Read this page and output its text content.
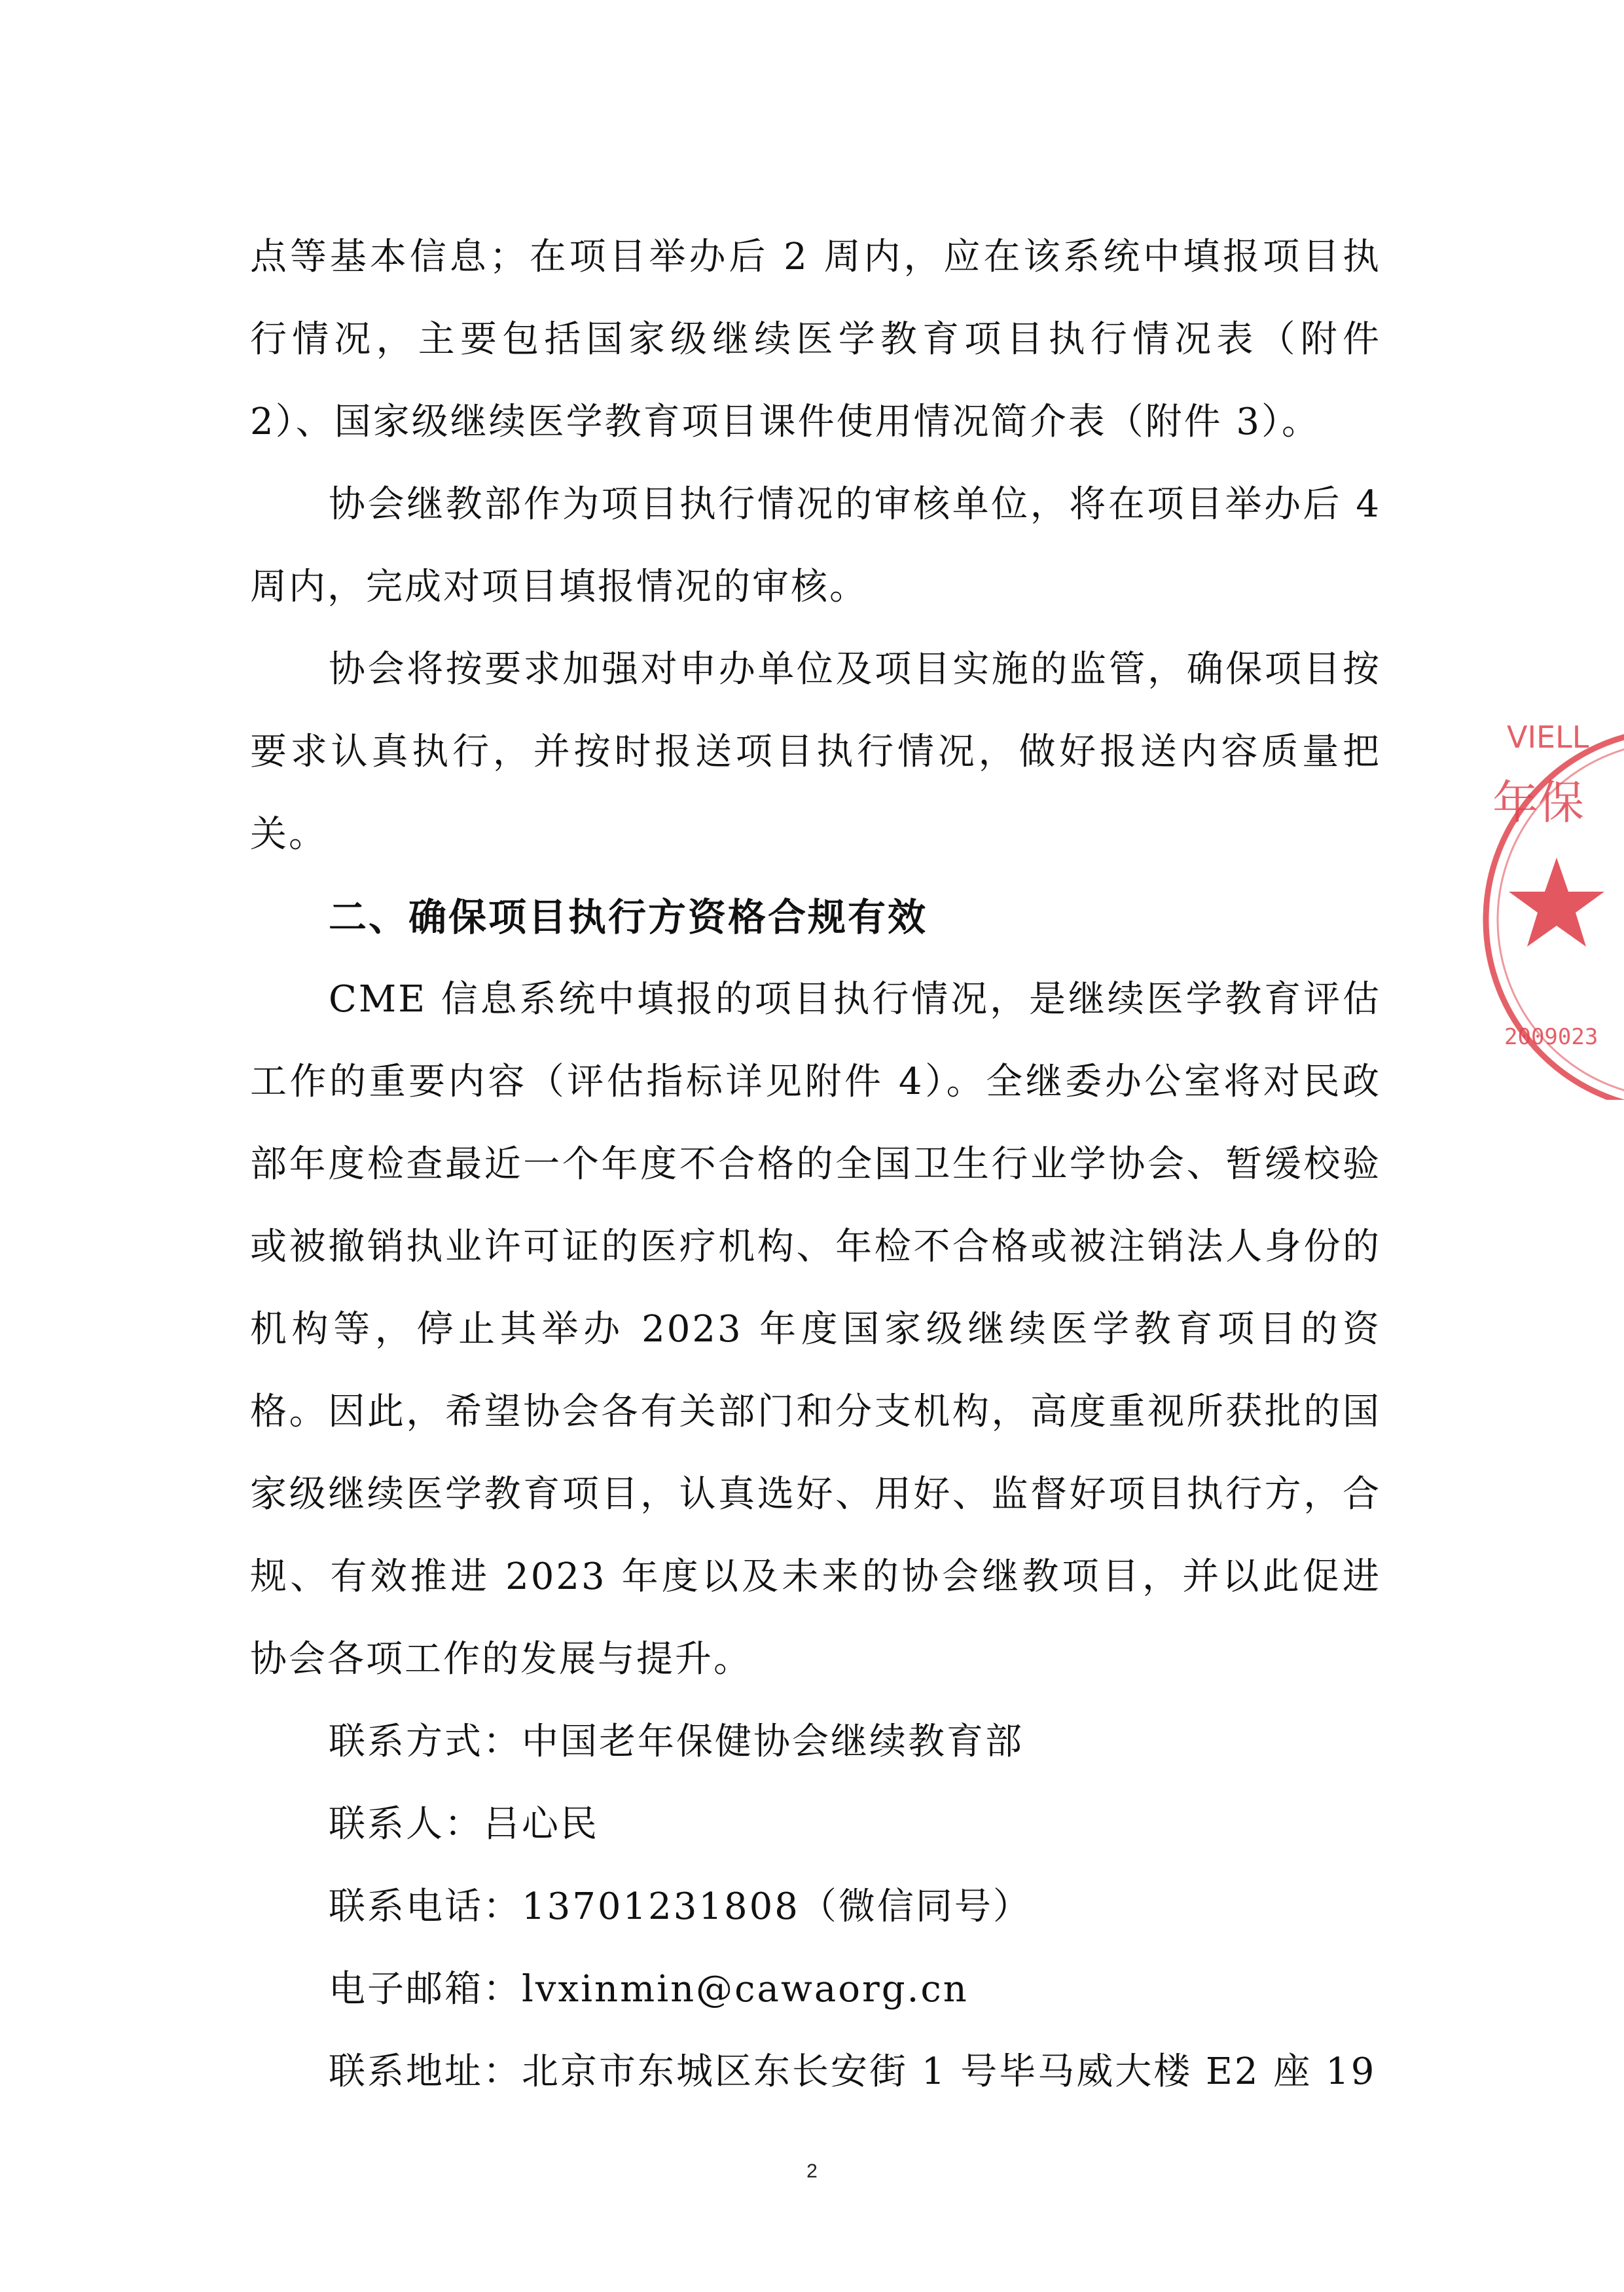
点等基本信息；在项目举办后 2 周内，应在该系统中填报项目执行情况，主要包括国家级继续医学教育项目执行情况表（附件 2）、国家级继续医学教育项目课件使用情况简介表（附件 3）。

协会继教部作为项目执行情况的审核单位，将在项目举办后 4 周内，完成对项目填报情况的审核。

协会将按要求加强对申办单位及项目实施的监管，确保项目按要求认真执行，并按时报送项目执行情况，做好报送内容质量把关。

二、确保项目执行方资格合规有效

CME 信息系统中填报的项目执行情况，是继续医学教育评估工作的重要内容（评估指标详见附件 4）。全继委办公室将对民政部年度检查最近一个年度不合格的全国卫生行业学协会、暂缓校验或被撤销执业许可证的医疗机构、年检不合格或被注销法人身份的机构等，停止其举办 2023 年度国家级继续医学教育项目的资格。因此，希望协会各有关部门和分支机构，高度重视所获批的国家级继续医学教育项目，认真选好、用好、监督好项目执行方，合规、有效推进 2023 年度以及未来的协会继教项目，并以此促进协会各项工作的发展与提升。

联系方式：中国老年保健协会继续教育部

联系人：吕心民

联系电话：13701231808（微信同号）

电子邮箱：lvxinmin@cawaorg.cn

联系地址：北京市东城区东长安街 1 号毕马威大楼 E2 座 19

VIELL
年保
2009023
2
